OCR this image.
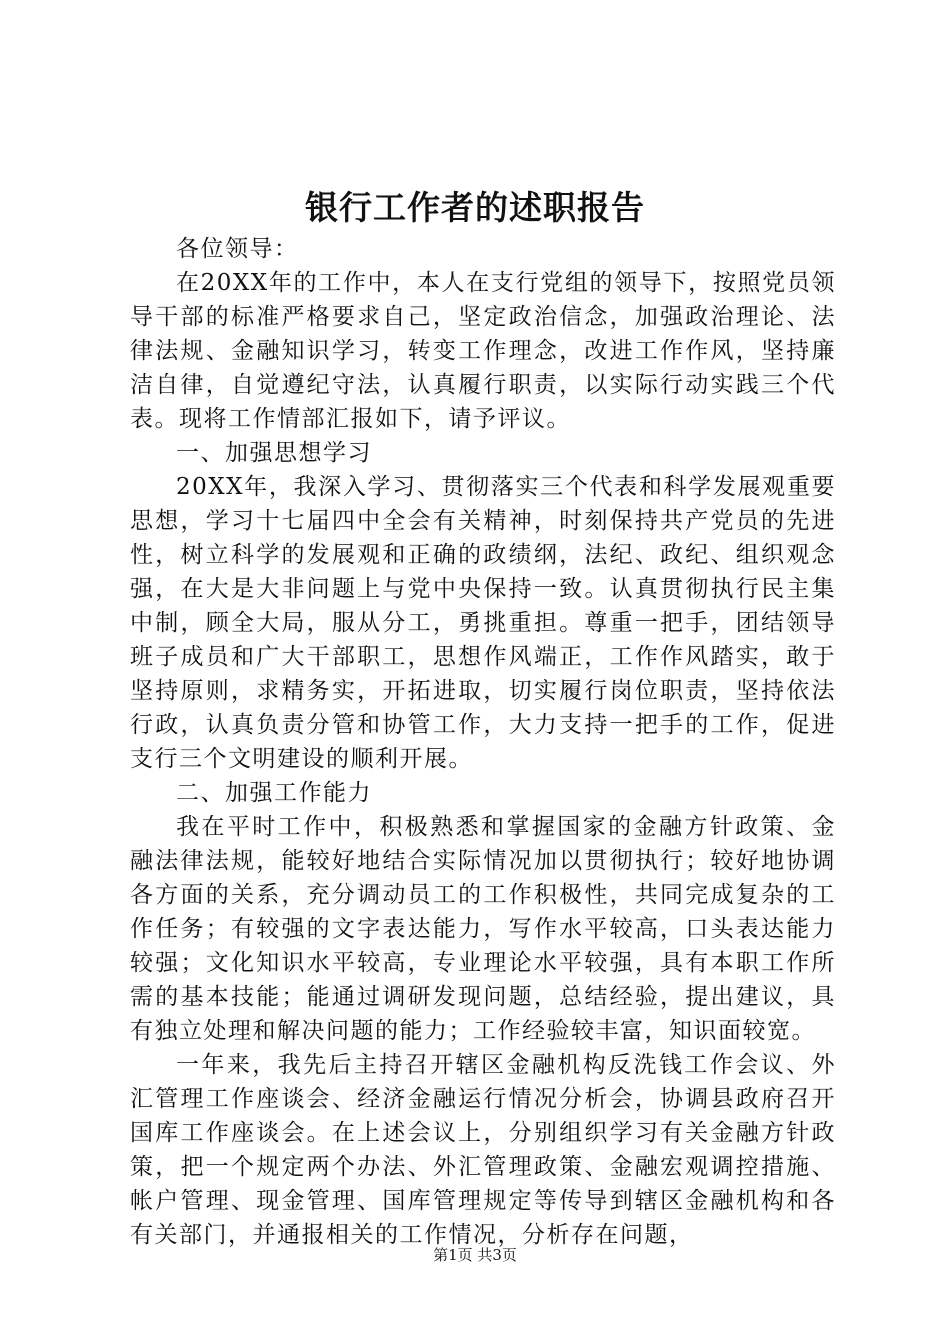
银行工作者的述职报告

各位领导：

在20XX年的工作中，本人在支行党组的领导下，按照党员领导干部的标准严格要求自己，坚定政治信念，加强政治理论、法律法规、金融知识学习，转变工作理念，改进工作作风，坚持廉洁自律，自觉遵纪守法，认真履行职责，以实际行动实践三个代表。现将工作情部汇报如下，请予评议。

一、加强思想学习

20XX年，我深入学习、贯彻落实三个代表和科学发展观重要思想，学习十七届四中全会有关精神，时刻保持共产党员的先进性，树立科学的发展观和正确的政绩纲，法纪、政纪、组织观念强，在大是大非问题上与党中央保持一致。认真贯彻执行民主集中制，顾全大局，服从分工，勇挑重担。尊重一把手，团结领导班子成员和广大干部职工，思想作风端正，工作作风踏实，敢于坚持原则，求精务实，开拓进取，切实履行岗位职责，坚持依法行政，认真负责分管和协管工作，大力支持一把手的工作，促进支行三个文明建设的顺利开展。

二、加强工作能力

我在平时工作中，积极熟悉和掌握国家的金融方针政策、金融法律法规，能较好地结合实际情况加以贯彻执行；较好地协调各方面的关系，充分调动员工的工作积极性，共同完成复杂的工作任务；有较强的文字表达能力，写作水平较高，口头表达能力较强；文化知识水平较高，专业理论水平较强，具有本职工作所需的基本技能；能通过调研发现问题，总结经验，提出建议，具有独立处理和解决问题的能力；工作经验较丰富，知识面较宽。

一年来，我先后主持召开辖区金融机构反洗钱工作会议、外汇管理工作座谈会、经济金融运行情况分析会，协调县政府召开国库工作座谈会。在上述会议上，分别组织学习有关金融方针政策，把一个规定两个办法、外汇管理政策、金融宏观调控措施、帐户管理、现金管理、国库管理规定等传导到辖区金融机构和各有关部门，并通报相关的工作情况，分析存在问题，

第1页 共3页
